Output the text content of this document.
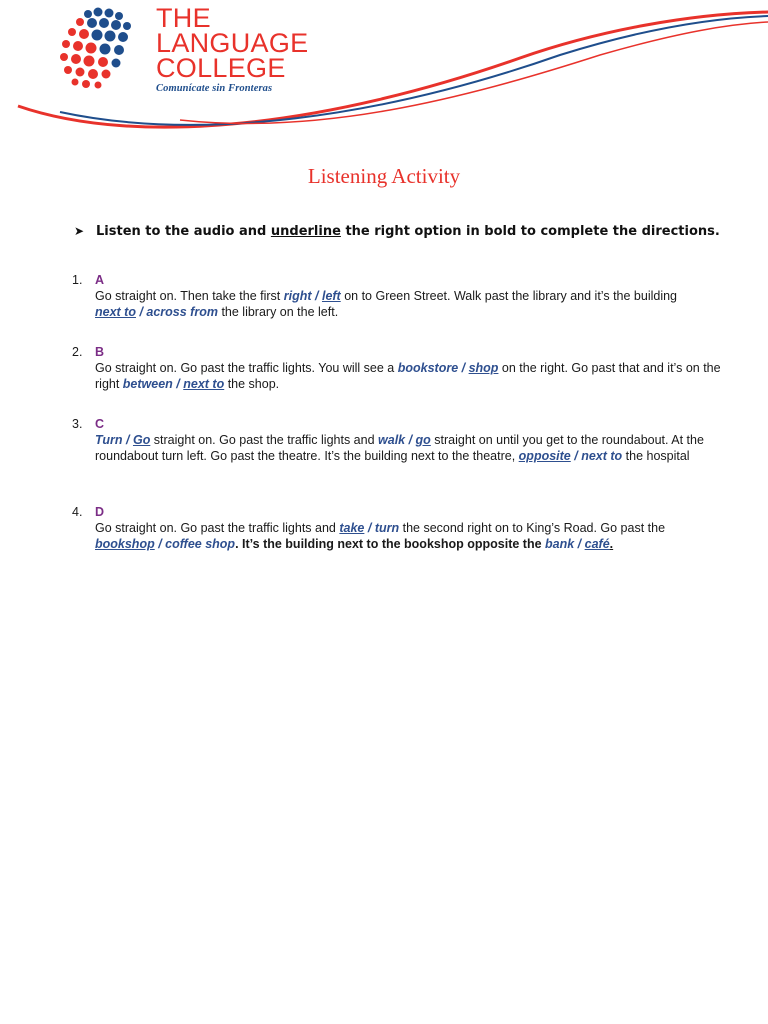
THE
LANGUAGE
COLLEGE
Comunícate sin Fronteras
Listening Activity
➤ Listen to the audio and underline the right option in bold to complete the directions.
1.	A
Go straight on. Then take the first right / left on to Green Street. Walk past the library and it’s the building
next to / across from the library on the left.
2.	B
Go straight on. Go past the traffic lights. You will see a bookstore / shop on the right. Go past that and it’s on the right between / next to the shop.
3.	C
Turn / Go straight on. Go past the traffic lights and walk / go straight on until you get to the roundabout. At the roundabout turn left. Go past the theatre. It’s the building next to the theatre, opposite / next to the hospital
4.	D
Go straight on. Go past the traffic lights and take / turn the second right on to King’s Road. Go past the bookshop / coffee shop. It’s the building next to the bookshop opposite the bank / café.
